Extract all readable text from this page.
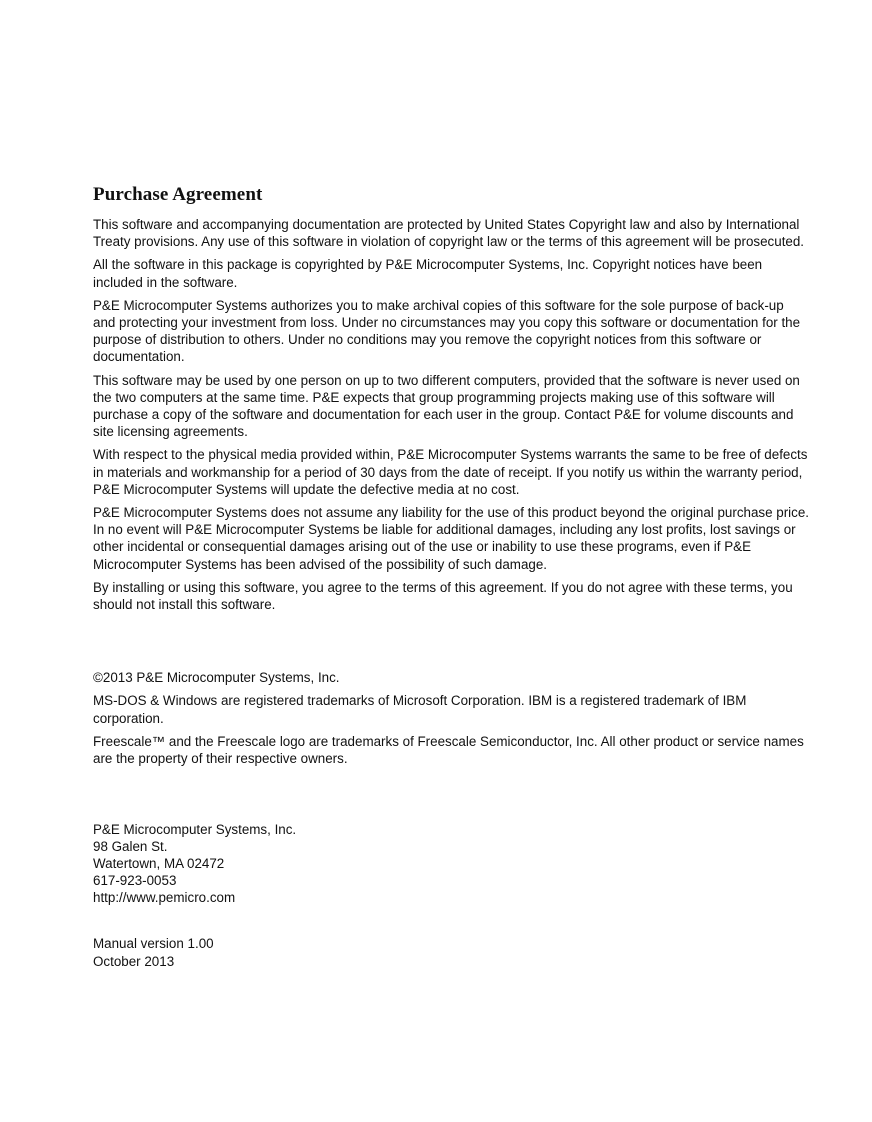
Purchase Agreement

This software and accompanying documentation are protected by United States Copyright law and also by International Treaty provisions. Any use of this software in violation of copyright law or the terms of this agreement will be prosecuted.

All the software in this package is copyrighted by P&E Microcomputer Systems, Inc. Copyright notices have been included in the software.

P&E Microcomputer Systems authorizes you to make archival copies of this software for the sole purpose of back-up and protecting your investment from loss. Under no circumstances may you copy this software or documentation for the purpose of distribution to others. Under no conditions may you remove the copyright notices from this software or documentation.

This software may be used by one person on up to two different computers, provided that the software is never used on the two computers at the same time. P&E expects that group programming projects making use of this software will purchase a copy of the software and documentation for each user in the group. Contact P&E for volume discounts and site licensing agreements.

With respect to the physical media provided within, P&E Microcomputer Systems warrants the same to be free of defects in materials and workmanship for a period of 30 days from the date of receipt. If you notify us within the warranty period, P&E Microcomputer Systems will update the defective media at no cost.

P&E Microcomputer Systems does not assume any liability for the use of this product beyond the original purchase price. In no event will P&E Microcomputer Systems be liable for additional damages, including any lost profits, lost savings or other incidental or consequential damages arising out of the use or inability to use these programs, even if P&E Microcomputer Systems has been advised of the possibility of such damage.

By installing or using this software, you agree to the terms of this agreement. If you do not agree with these terms, you should not install this software.

©2013 P&E Microcomputer Systems, Inc.

MS-DOS & Windows are registered trademarks of Microsoft Corporation. IBM is a registered trademark of IBM corporation.

Freescale™ and the Freescale logo are trademarks of Freescale Semiconductor, Inc. All other product or service names are the property of their respective owners.

P&E Microcomputer Systems, Inc.
98 Galen St.
Watertown, MA 02472
617-923-0053
http://www.pemicro.com
Manual version 1.00
October 2013
